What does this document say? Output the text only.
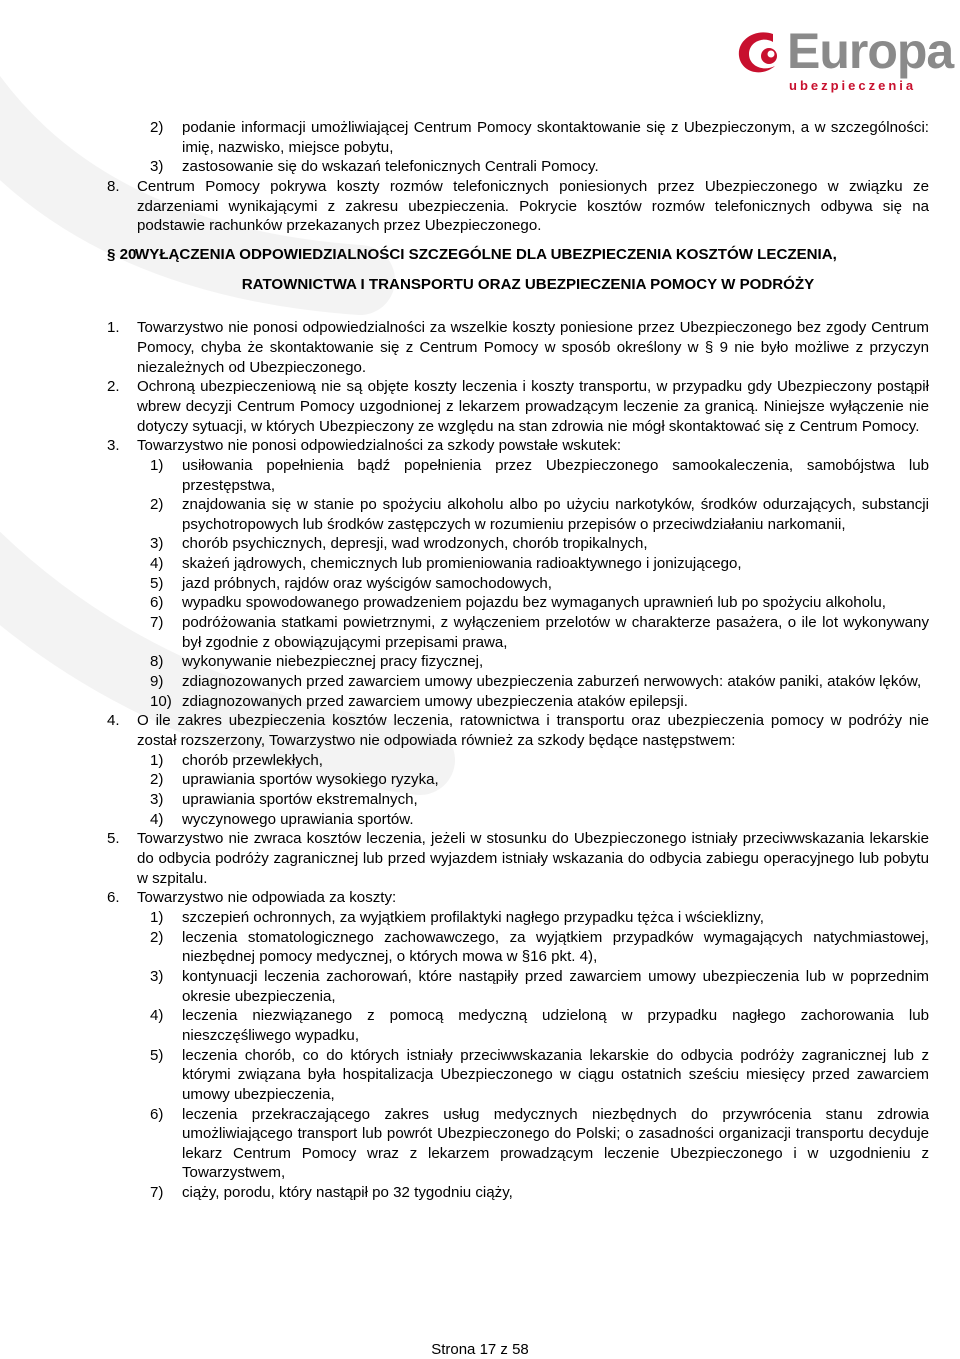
Europa
ubezpieczenia
2) podanie informacji umożliwiającej Centrum Pomocy skontaktowanie się z Ubezpieczonym, a w szczególności: imię, nazwisko, miejsce pobytu,
3) zastosowanie się do wskazań telefonicznych Centrali Pomocy.
8. Centrum Pomocy pokrywa koszty rozmów telefonicznych poniesionych przez Ubezpieczonego w związku ze zdarzeniami wynikającymi z zakresu ubezpieczenia. Pokrycie kosztów rozmów telefonicznych odbywa się na podstawie rachunków przekazanych przez Ubezpieczonego.
§ 20.
WYŁĄCZENIA ODPOWIEDZIALNOŚCI SZCZEGÓLNE DLA UBEZPIECZENIA KOSZTÓW LECZENIA,
RATOWNICTWA I TRANSPORTU ORAZ UBEZPIECZENIA POMOCY W PODRÓŻY
1. Towarzystwo nie ponosi odpowiedzialności za wszelkie koszty poniesione przez Ubezpieczonego bez zgody Centrum Pomocy, chyba że skontaktowanie się z Centrum Pomocy w sposób określony w § 9 nie było możliwe z przyczyn niezależnych od Ubezpieczonego.
2. Ochroną ubezpieczeniową nie są objęte koszty leczenia i koszty transportu, w przypadku gdy Ubezpieczony postąpił wbrew decyzji Centrum Pomocy uzgodnionej z lekarzem prowadzącym leczenie za granicą. Niniejsze wyłączenie nie dotyczy sytuacji, w których Ubezpieczony ze względu na stan zdrowia nie mógł skontaktować się z Centrum Pomocy.
3. Towarzystwo nie ponosi odpowiedzialności za szkody powstałe wskutek:
1) usiłowania popełnienia bądź popełnienia przez Ubezpieczonego samookaleczenia, samobójstwa lub przestępstwa,
2) znajdowania się w stanie po spożyciu alkoholu albo po użyciu narkotyków, środków odurzających, substancji psychotropowych lub środków zastępczych w rozumieniu przepisów o przeciwdziałaniu narkomanii,
3) chorób psychicznych, depresji, wad wrodzonych, chorób tropikalnych,
4) skażeń jądrowych, chemicznych lub promieniowania radioaktywnego i jonizującego,
5) jazd próbnych, rajdów oraz wyścigów samochodowych,
6) wypadku spowodowanego prowadzeniem pojazdu bez wymaganych uprawnień lub po spożyciu alkoholu,
7) podróżowania statkami powietrznymi, z wyłączeniem przelotów w charakterze pasażera, o ile lot wykonywany był zgodnie z obowiązującymi przepisami prawa,
8) wykonywanie niebezpiecznej pracy fizycznej,
9) zdiagnozowanych przed zawarciem umowy ubezpieczenia zaburzeń nerwowych: ataków paniki, ataków lęków,
10) zdiagnozowanych przed zawarciem umowy ubezpieczenia ataków epilepsji.
4. O ile zakres ubezpieczenia kosztów leczenia, ratownictwa i transportu oraz ubezpieczenia pomocy w podróży nie został rozszerzony, Towarzystwo nie odpowiada również za szkody będące następstwem:
1) chorób przewlekłych,
2) uprawiania sportów wysokiego ryzyka,
3) uprawiania sportów ekstremalnych,
4) wyczynowego uprawiania sportów.
5. Towarzystwo nie zwraca kosztów leczenia, jeżeli w stosunku do Ubezpieczonego istniały przeciwwskazania lekarskie do odbycia podróży zagranicznej lub przed wyjazdem istniały wskazania do odbycia zabiegu operacyjnego lub pobytu w szpitalu.
6. Towarzystwo nie odpowiada za koszty:
1) szczepień ochronnych, za wyjątkiem profilaktyki nagłego przypadku tężca i wścieklizny,
2) leczenia stomatologicznego zachowawczego, za wyjątkiem przypadków wymagających natychmiastowej, niezbędnej pomocy medycznej, o których mowa w §16 pkt. 4),
3) kontynuacji leczenia zachorowań, które nastąpiły przed zawarciem umowy ubezpieczenia lub w poprzednim okresie ubezpieczenia,
4) leczenia niezwiązanego z pomocą medyczną udzieloną w przypadku nagłego zachorowania lub nieszczęśliwego wypadku,
5) leczenia chorób, co do których istniały przeciwwskazania lekarskie do odbycia podróży zagranicznej lub z którymi związana była hospitalizacja Ubezpieczonego w ciągu ostatnich sześciu miesięcy przed zawarciem umowy ubezpieczenia,
6) leczenia przekraczającego zakres usług medycznych niezbędnych do przywrócenia stanu zdrowia umożliwiającego transport lub powrót Ubezpieczonego do Polski; o zasadności organizacji transportu decyduje lekarz Centrum Pomocy wraz z lekarzem prowadzącym leczenie Ubezpieczonego i w uzgodnieniu z Towarzystwem,
7) ciąży, porodu, który nastąpił po 32 tygodniu ciąży,
Strona 17 z 58
